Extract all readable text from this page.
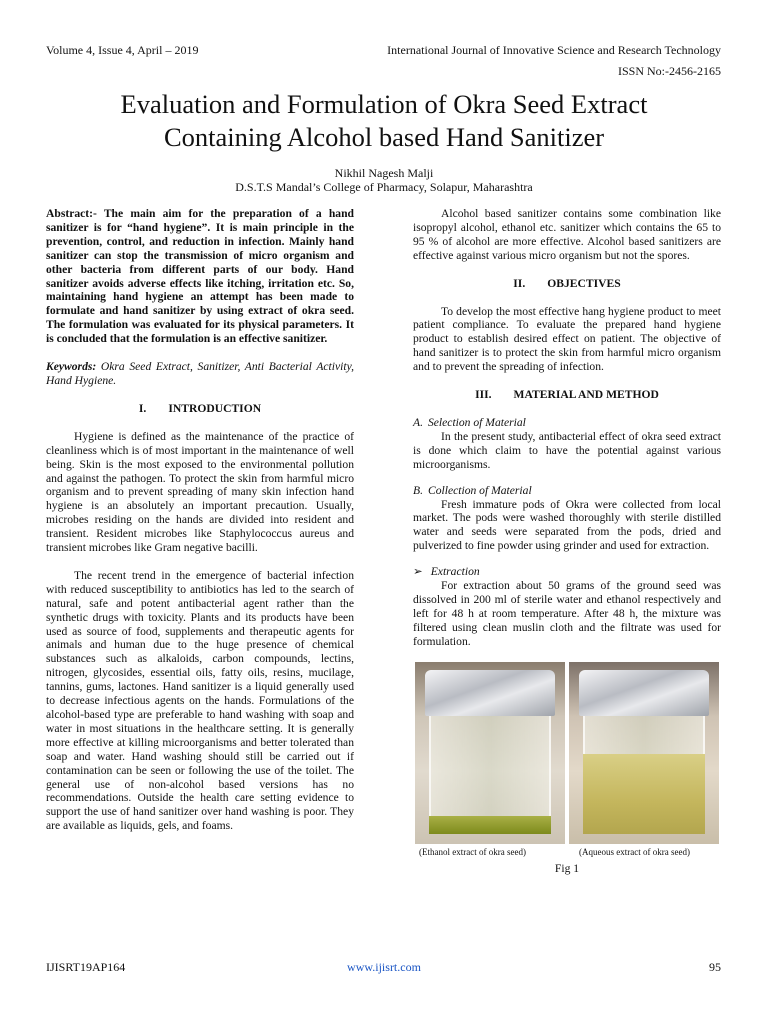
Volume 4, Issue 4, April – 2019	International Journal of Innovative Science and Research Technology
ISSN No:-2456-2165
Evaluation and Formulation of Okra Seed Extract
Containing Alcohol based Hand Sanitizer
Nikhil Nagesh Malji
D.S.T.S Mandal’s College of Pharmacy, Solapur, Maharashtra

Abstract:- The main aim for the preparation of a hand sanitizer is for “hand hygiene”. It is main principle in the prevention, control, and reduction in infection. Mainly hand sanitizer can stop the transmission of micro organism and other bacteria from different parts of our body. Hand sanitizer avoids adverse effects like itching, irritation etc. So, maintaining hand hygiene an attempt has been made to formulate and hand sanitizer by using extract of okra seed. The formulation was evaluated for its physical parameters. It is concluded that the formulation is an effective sanitizer.

Keywords: Okra Seed Extract, Sanitizer, Anti Bacterial Activity, Hand Hygiene.

I. INTRODUCTION

Hygiene is defined as the maintenance of the practice of cleanliness which is of most important in the maintenance of well being. Skin is the most exposed to the environmental pollution and against the pathogen. To protect the skin from harmful micro organism and to prevent spreading of many skin infection hand hygiene is an absolutely an important precaution. Usually, microbes residing on the hands are divided into resident and transient. Resident microbes like Staphylococcus aureus and transient microbes like Gram negative bacilli.

The recent trend in the emergence of bacterial infection with reduced susceptibility to antibiotics has led to the search of natural, safe and potent antibacterial agent rather than the synthetic drugs with toxicity. Plants and its products have been used as source of food, supplements and therapeutic agents for animals and human due to the huge presence of chemical substances such as alkaloids, carbon compounds, lectins, nitrogen, glycosides, essential oils, fatty oils, resins, mucilage, tannins, gums, lactones. Hand sanitizer is a liquid generally used to decrease infectious agents on the hands. Formulations of the alcohol-based type are preferable to hand washing with soap and water in most situations in the healthcare setting. It is generally more effective at killing microorganisms and better tolerated than soap and water. Hand washing should still be carried out if contamination can be seen or following the use of the toilet. The general use of non-alcohol based versions has no recommendations. Outside the health care setting evidence to support the use of hand sanitizer over hand washing is poor. They are available as liquids, gels, and foams.

Alcohol based sanitizer contains some combination like isopropyl alcohol, ethanol etc. sanitizer which contains the 65 to 95 % of alcohol are more effective. Alcohol based sanitizers are effective against various micro organism but not the spores.

II. OBJECTIVES

To develop the most effective hang hygiene product to meet patient compliance. To evaluate the prepared hand hygiene product to establish desired effect on patient. The objective of hand sanitizer is to protect the skin from harmful micro organism and to prevent the spreading of infection.

III. MATERIAL AND METHOD

A. Selection of Material

In the present study, antibacterial effect of okra seed extract is done which claim to have the potential against various microorganisms.

B. Collection of Material

Fresh immature pods of Okra were collected from local market. The pods were washed thoroughly with sterile distilled water and seeds were separated from the pods, dried and pulverized to fine powder using grinder and used for extraction.

➢ Extraction

For extraction about 50 grams of the ground seed was dissolved in 200 ml of sterile water and ethanol respectively and left for 48 h at room temperature. After 48 h, the mixture was filtered using clean muslin cloth and the filtrate was used for formulation.

(Ethanol extract of okra seed)	(Aqueous extract of okra seed)

Fig 1

IJISRT19AP164	www.ijisrt.com	95
